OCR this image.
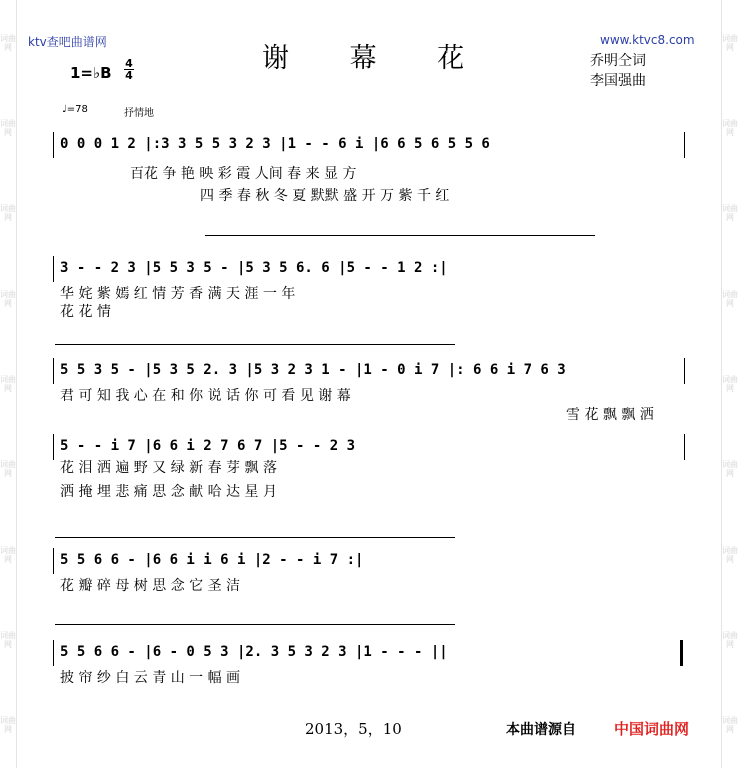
词曲网
词曲网
词曲网
词曲网
词曲网
词曲网
词曲网
词曲网
词曲网
词曲网
词曲网
词曲网
词曲网
词曲网
词曲网
词曲网
词曲网
词曲网
ktv查吧曲谱网	www.ktvc8.com
谢 幕 花	乔明仝词
李国强曲
1=♭B
4
4
♩=78	抒情地
0 0 0 1 2 |:3 3 5 5 3 2 3 |1 - - 6 i |6 6 5 6 5 5 6
百花 争 艳 映 彩 霞 人间 春 来 显 方
四 季 春 秋 冬 夏 默默 盛 开 万 紫 千 红
3 - - 2 3 |5 5 3 5 - |5 3 5 6. 6 |5 - - 1 2 :|
华 姹 紫 嫣 红 情 芳 香 满 天 涯 一 年
花 花 情
5 5 3 5 - |5 3 5 2. 3 |5 3 2 3 1 - |1 - 0 i 7 |: 6 6 i 7 6 3
君 可 知 我 心 在 和 你 说 话 你 可 看 见 谢 幕
雪 花 飘 飘 洒
5 - - i 7 |6 6 i 2 7 6 7 |5 - - 2 3
花 泪 洒 遍 野 又 绿 新 春 芽 飘 落
洒 掩 埋 悲 痛 思 念 献 哈 达 星 月
5 5 6 6 - |6 6 i i 6 i |2 - - i 7 :|
花 瓣 碎 母 树 思 念 它 圣 洁
5 5 6 6 - |6 - 0 5 3 |2. 3 5 3 2 3 |1 - - - ||
披 帘 纱 白 云 青 山 一 幅 画
2013，5，10	本曲谱源自	中国词曲网
